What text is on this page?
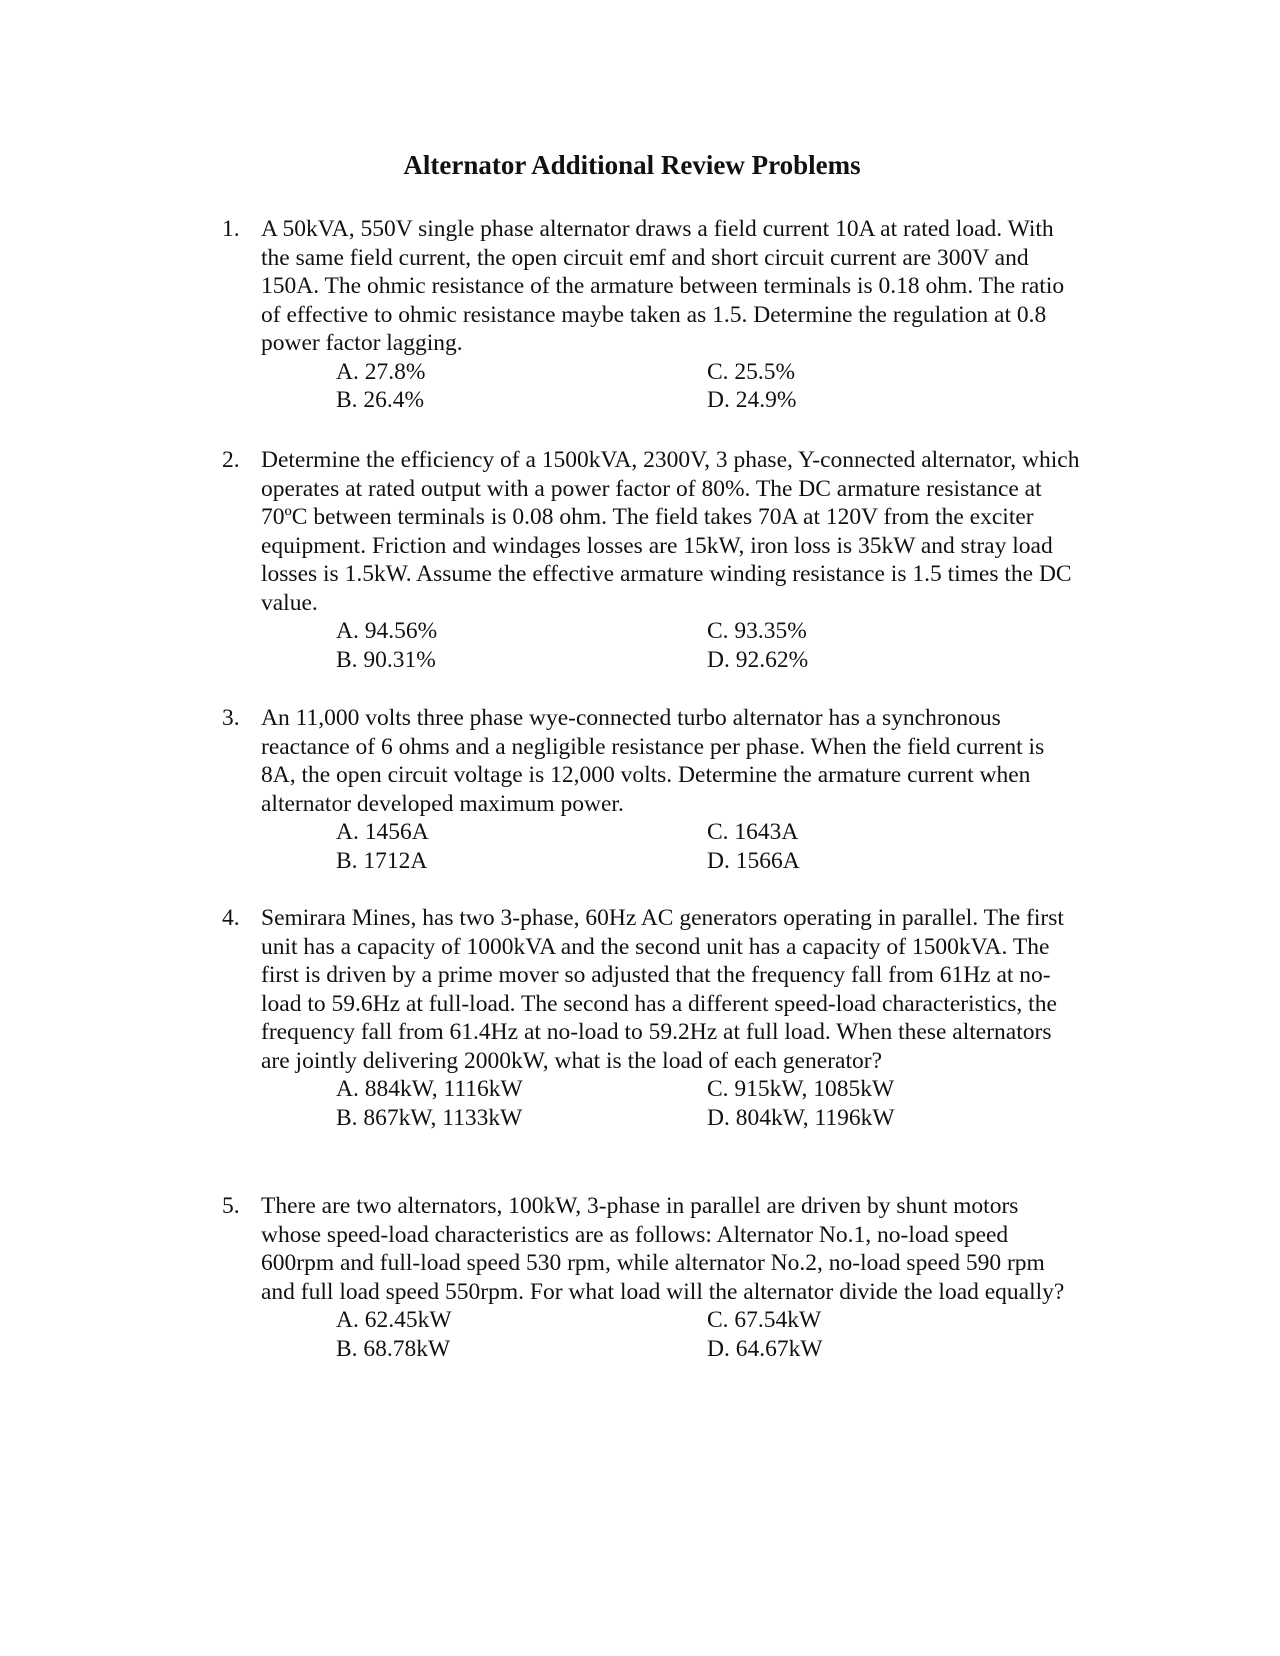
Alternator Additional Review Problems
1. A 50kVA, 550V single phase alternator draws a field current 10A at rated load. With the same field current, the open circuit emf and short circuit current are 300V and 150A. The ohmic resistance of the armature between terminals is 0.18 ohm. The ratio of effective to ohmic resistance maybe taken as 1.5. Determine the regulation at 0.8 power factor lagging.
A. 27.8%	C. 25.5%
B. 26.4%	D. 24.9%
2. Determine the efficiency of a 1500kVA, 2300V, 3 phase, Y-connected alternator, which operates at rated output with a power factor of 80%. The DC armature resistance at 70ºC between terminals is 0.08 ohm. The field takes 70A at 120V from the exciter equipment. Friction and windages losses are 15kW, iron loss is 35kW and stray load losses is 1.5kW. Assume the effective armature winding resistance is 1.5 times the DC value.
A. 94.56%	C. 93.35%
B. 90.31%	D. 92.62%
3. An 11,000 volts three phase wye-connected turbo alternator has a synchronous reactance of 6 ohms and a negligible resistance per phase. When the field current is 8A, the open circuit voltage is 12,000 volts. Determine the armature current when alternator developed maximum power.
A. 1456A	C. 1643A
B. 1712A	D. 1566A
4. Semirara Mines, has two 3-phase, 60Hz AC generators operating in parallel. The first unit has a capacity of 1000kVA and the second unit has a capacity of 1500kVA. The first is driven by a prime mover so adjusted that the frequency fall from 61Hz at no-load to 59.6Hz at full-load. The second has a different speed-load characteristics, the frequency fall from 61.4Hz at no-load to 59.2Hz at full load. When these alternators are jointly delivering 2000kW, what is the load of each generator?
A. 884kW, 1116kW	C. 915kW, 1085kW
B. 867kW, 1133kW	D. 804kW, 1196kW
5. There are two alternators, 100kW, 3-phase in parallel are driven by shunt motors whose speed-load characteristics are as follows: Alternator No.1, no-load speed 600rpm and full-load speed 530 rpm, while alternator No.2, no-load speed 590 rpm and full load speed 550rpm. For what load will the alternator divide the load equally?
A. 62.45kW	C. 67.54kW
B. 68.78kW	D. 64.67kW
